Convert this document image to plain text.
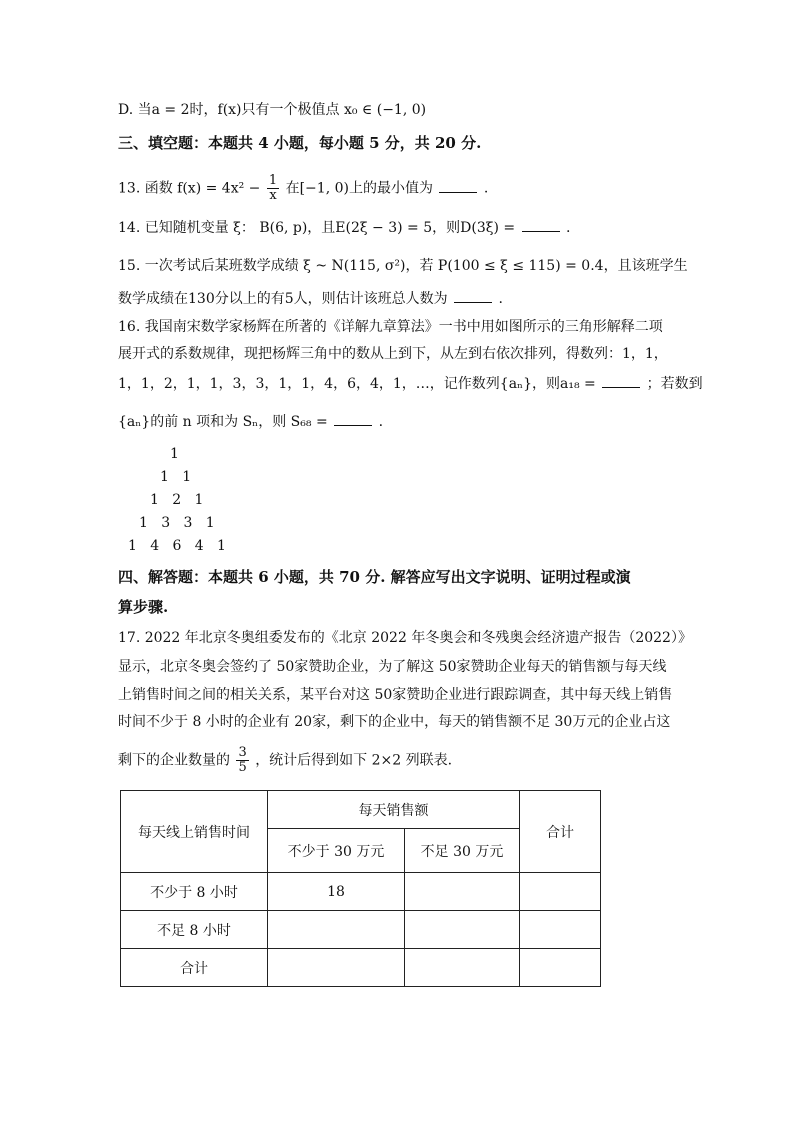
D. 当a = 2时，f(x)只有一个极值点 x₀ ∈ (−1, 0)
三、填空题：本题共 4 小题，每小题 5 分，共 20 分.
13. 函数 $f(x) = 4x^2 - \frac{1}{x}$ 在[−1, 0)上的最小值为	.
14. 已知随机变量 ξ： B(6, p)，且E(2ξ − 3) = 5，则D(3ξ) =	.
15. 一次考试后某班数学成绩 ξ ~ N(115, σ²)，若 P(100 ≤ ξ ≤ 115) = 0.4，且该班学生
数学成绩在130分以上的有5人，则估计该班总人数为	.
16. 我国南宋数学家杨辉在所著的《详解九章算法》一书中用如图所示的三角形解释二项
展开式的系数规律，现把杨辉三角中的数从上到下，从左到右依次排列，得数列：1，1，
1，1，2，1，1，3，3，1，1，4，6，4，1，…，记作数列{aₙ}，则a₁₈ =	；若数到
{aₙ}的前 n 项和为 Sₙ，则 S₆₈ =	.
1
1   1
1   2   1
1   3   3   1
1   4   6   4   1
四、解答题：本题共 6 小题，共 70 分. 解答应写出文字说明、证明过程或演
算步骤.
17. 2022 年北京冬奥组委发布的《北京 2022 年冬奥会和冬残奥会经济遗产报告（2022）》
显示，北京冬奥会签约了 50家赞助企业，为了解这 50家赞助企业每天的销售额与每天线
上销售时间之间的相关关系，某平台对这 50家赞助企业进行跟踪调查，其中每天线上销售
时间不少于 8 小时的企业有 20家，剩下的企业中，每天的销售额不足 30万元的企业占这
剩下的企业数量的 $\frac{3}{5}$ ，统计后得到如下 2×2 列联表.
每天线上销售时间	每天销售额		合计
	不少于 30 万元	不足 30 万元	
不少于 8 小时	18		
不足 8 小时			
合计			
